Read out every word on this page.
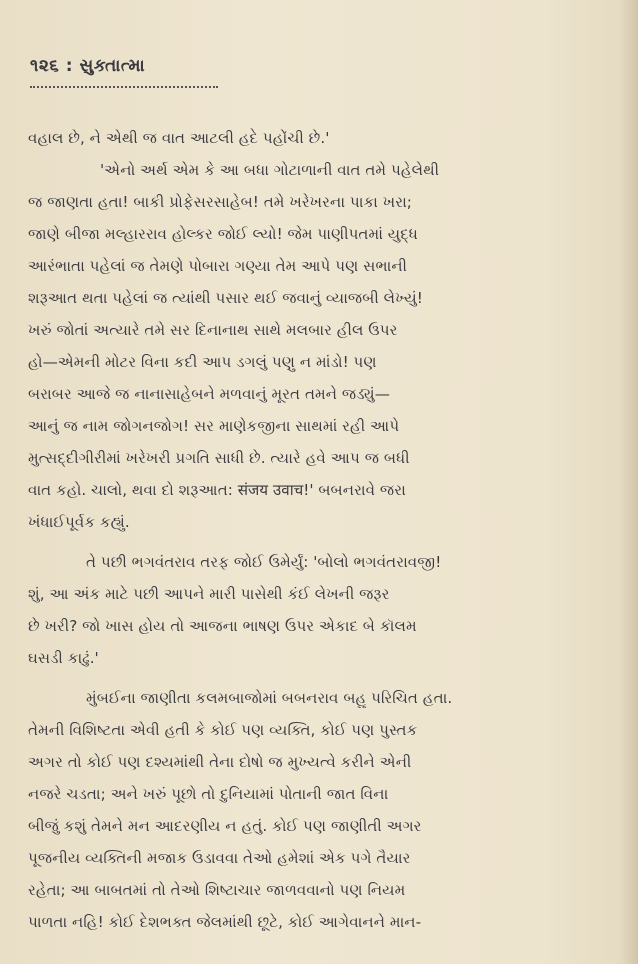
૧૨૬ : સુક્તાત્મા
વહાલ છે, ને એથી જ વાત આટલી હદે પહોંચી છે.'
'એનો અર્થ એમ કે આ બધા ગોટાળાની વાત તમે પહેલેથી
જ જાણતા હતા! બાકી પ્રોફેસરસાહેબ! તમે ખરેખરના પાકા ખરા;
જાણે બીજા મલ્હારરાવ હોલ્કર જોઈ લ્યો! જેમ પાણીપતમાં યુદ્ધ
આરંભાતા પહેલાં જ તેમણે પોબારા ગણ્યા તેમ આપે પણ સભાની
શરૂઆત થતા પહેલાં જ ત્યાંથી પસાર થઈ જવાનું વ્યાજબી લેખ્યું!
ખરું જોતાં અત્યારે તમે સર દિનાનાથ સાથે મલબાર હીલ ઉપર
હો—એમની મોટર વિના કદી આપ ડગલું પણુ ન માંડો! પણ
બરાબર આજે જ નાનાસાહેબને મળવાનું મૂરત તમને જડ્યું—
આનું જ નામ જોગનજોગ! સર માણેકજીના સાથમાં રહી આપે
મુત્સદ્દીગીરીમાં ખરેખરી પ્રગતિ સાધી છે. ત્યારે હવે આપ જ બધી
વાત કહો. ચાલો, થવા દો શરૂઆત: संजय उवाच!' બબનરાવે જરા
ખંધાઈપૂર્વક કહ્યું.
તે પછી ભગવંતરાવ તરફ જોઈ ઉમેર્યું: 'બોલો ભગવંતરાવજી!
શું, આ અંક માટે પછી આપને મારી પાસેથી કંઈ લેખની જરૂર
છે ખરી? જો ખાસ હોય તો આજના ભાષણ ઉપર એકાદ બે કૉલમ
ઘસડી કાઢું.'
મુંબઈના જાણીતા કલમબાજોમાં બબનરાવ બહુ પરિચિત હતા.
તેમની વિશિષ્ટતા એવી હતી કે કોઈ પણ વ્યક્તિ, કોઈ પણ પુસ્તક
અગર તો કોઈ પણ દશ્યમાંથી તેના દોષો જ મુખ્યત્વે કરીને એની
નજરે ચડતા; અને ખરું પૂછો તો દુનિયામાં પોતાની જાત વિના
બીજું કશું તેમને મન આદરણીય ન હતું. કોઈ પણ જાણીતી અગર
પૂજનીય વ્યક્તિની મજાક ઉડાવવા તેઓ હમેશાં એક પગે તૈયાર
રહેતા; આ બાબતમાં તો તેઓ શિષ્ટાચાર જાળવવાનો પણ નિયમ
પાળતા નહિ! કોઈ દેશભક્ત જેલમાંથી છૂટે, કોઈ આગેવાનને માન-
